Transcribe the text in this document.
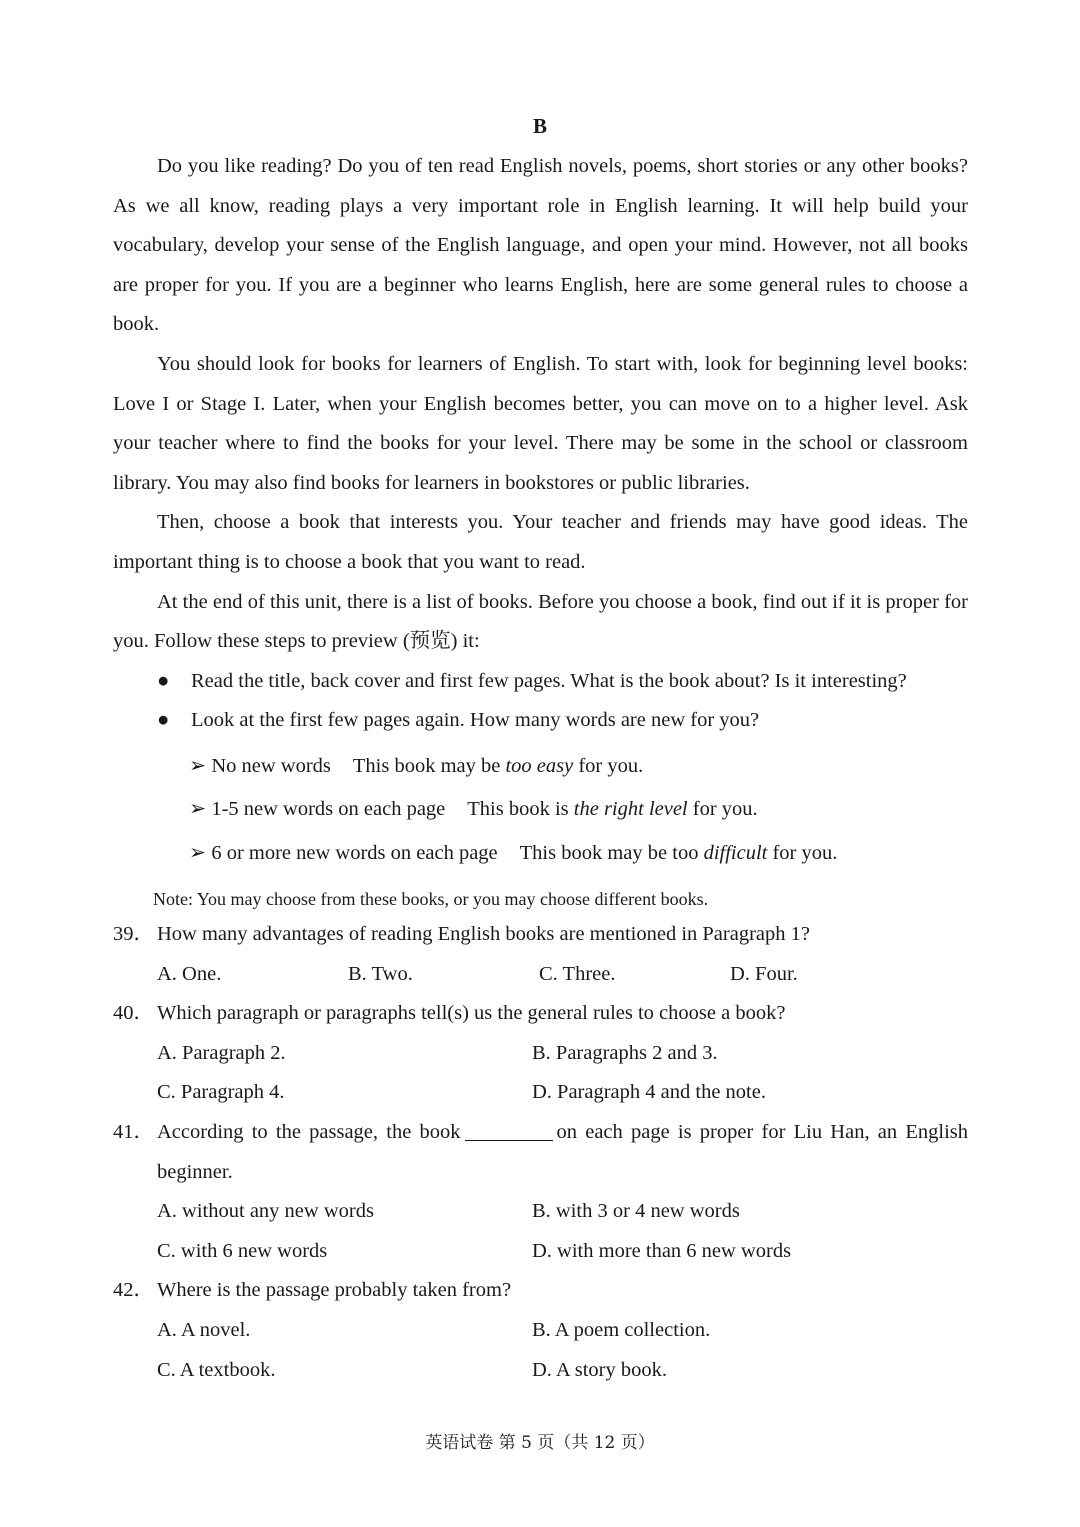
B

Do you like reading? Do you of ten read English novels, poems, short stories or any other books? As we all know, reading plays a very important role in English learning. It will help build your vocabulary, develop your sense of the English language, and open your mind. However, not all books are proper for you. If you are a beginner who learns English, here are some general rules to choose a book.

You should look for books for learners of English. To start with, look for beginning level books: Love I or Stage I. Later, when your English becomes better, you can move on to a higher level. Ask your teacher where to find the books for your level. There may be some in the school or classroom library. You may also find books for learners in bookstores or public libraries.

Then, choose a book that interests you. Your teacher and friends may have good ideas. The important thing is to choose a book that you want to read.

At the end of this unit, there is a list of books. Before you choose a book, find out if it is proper for you. Follow these steps to preview (预览) it:

● Read the title, back cover and first few pages. What is the book about? Is it interesting?
● Look at the first few pages again. How many words are new for you?
➢ No new words This book may be too easy for you.
➢ 1-5 new words on each page This book is the right level for you.
➢ 6 or more new words on each page This book may be too difficult for you.
Note: You may choose from these books, or you may choose different books.
39． How many advantages of reading English books are mentioned in Paragraph 1?
A. One.	B. Two.	C. Three.	D. Four.
40． Which paragraph or paragraphs tell(s) us the general rules to choose a book?
A. Paragraph 2.	B. Paragraphs 2 and 3.
C. Paragraph 4.	D. Paragraph 4 and the note.
41． According to the passage, the book	on each page is proper for Liu Han, an English beginner.
A. without any new words	B. with 3 or 4 new words
C. with 6 new words	D. with more than 6 new words
42． Where is the passage probably taken from?
A. A novel.	B. A poem collection.
C. A textbook.	D. A story book.
英语试卷 第 5 页（共 12 页）
